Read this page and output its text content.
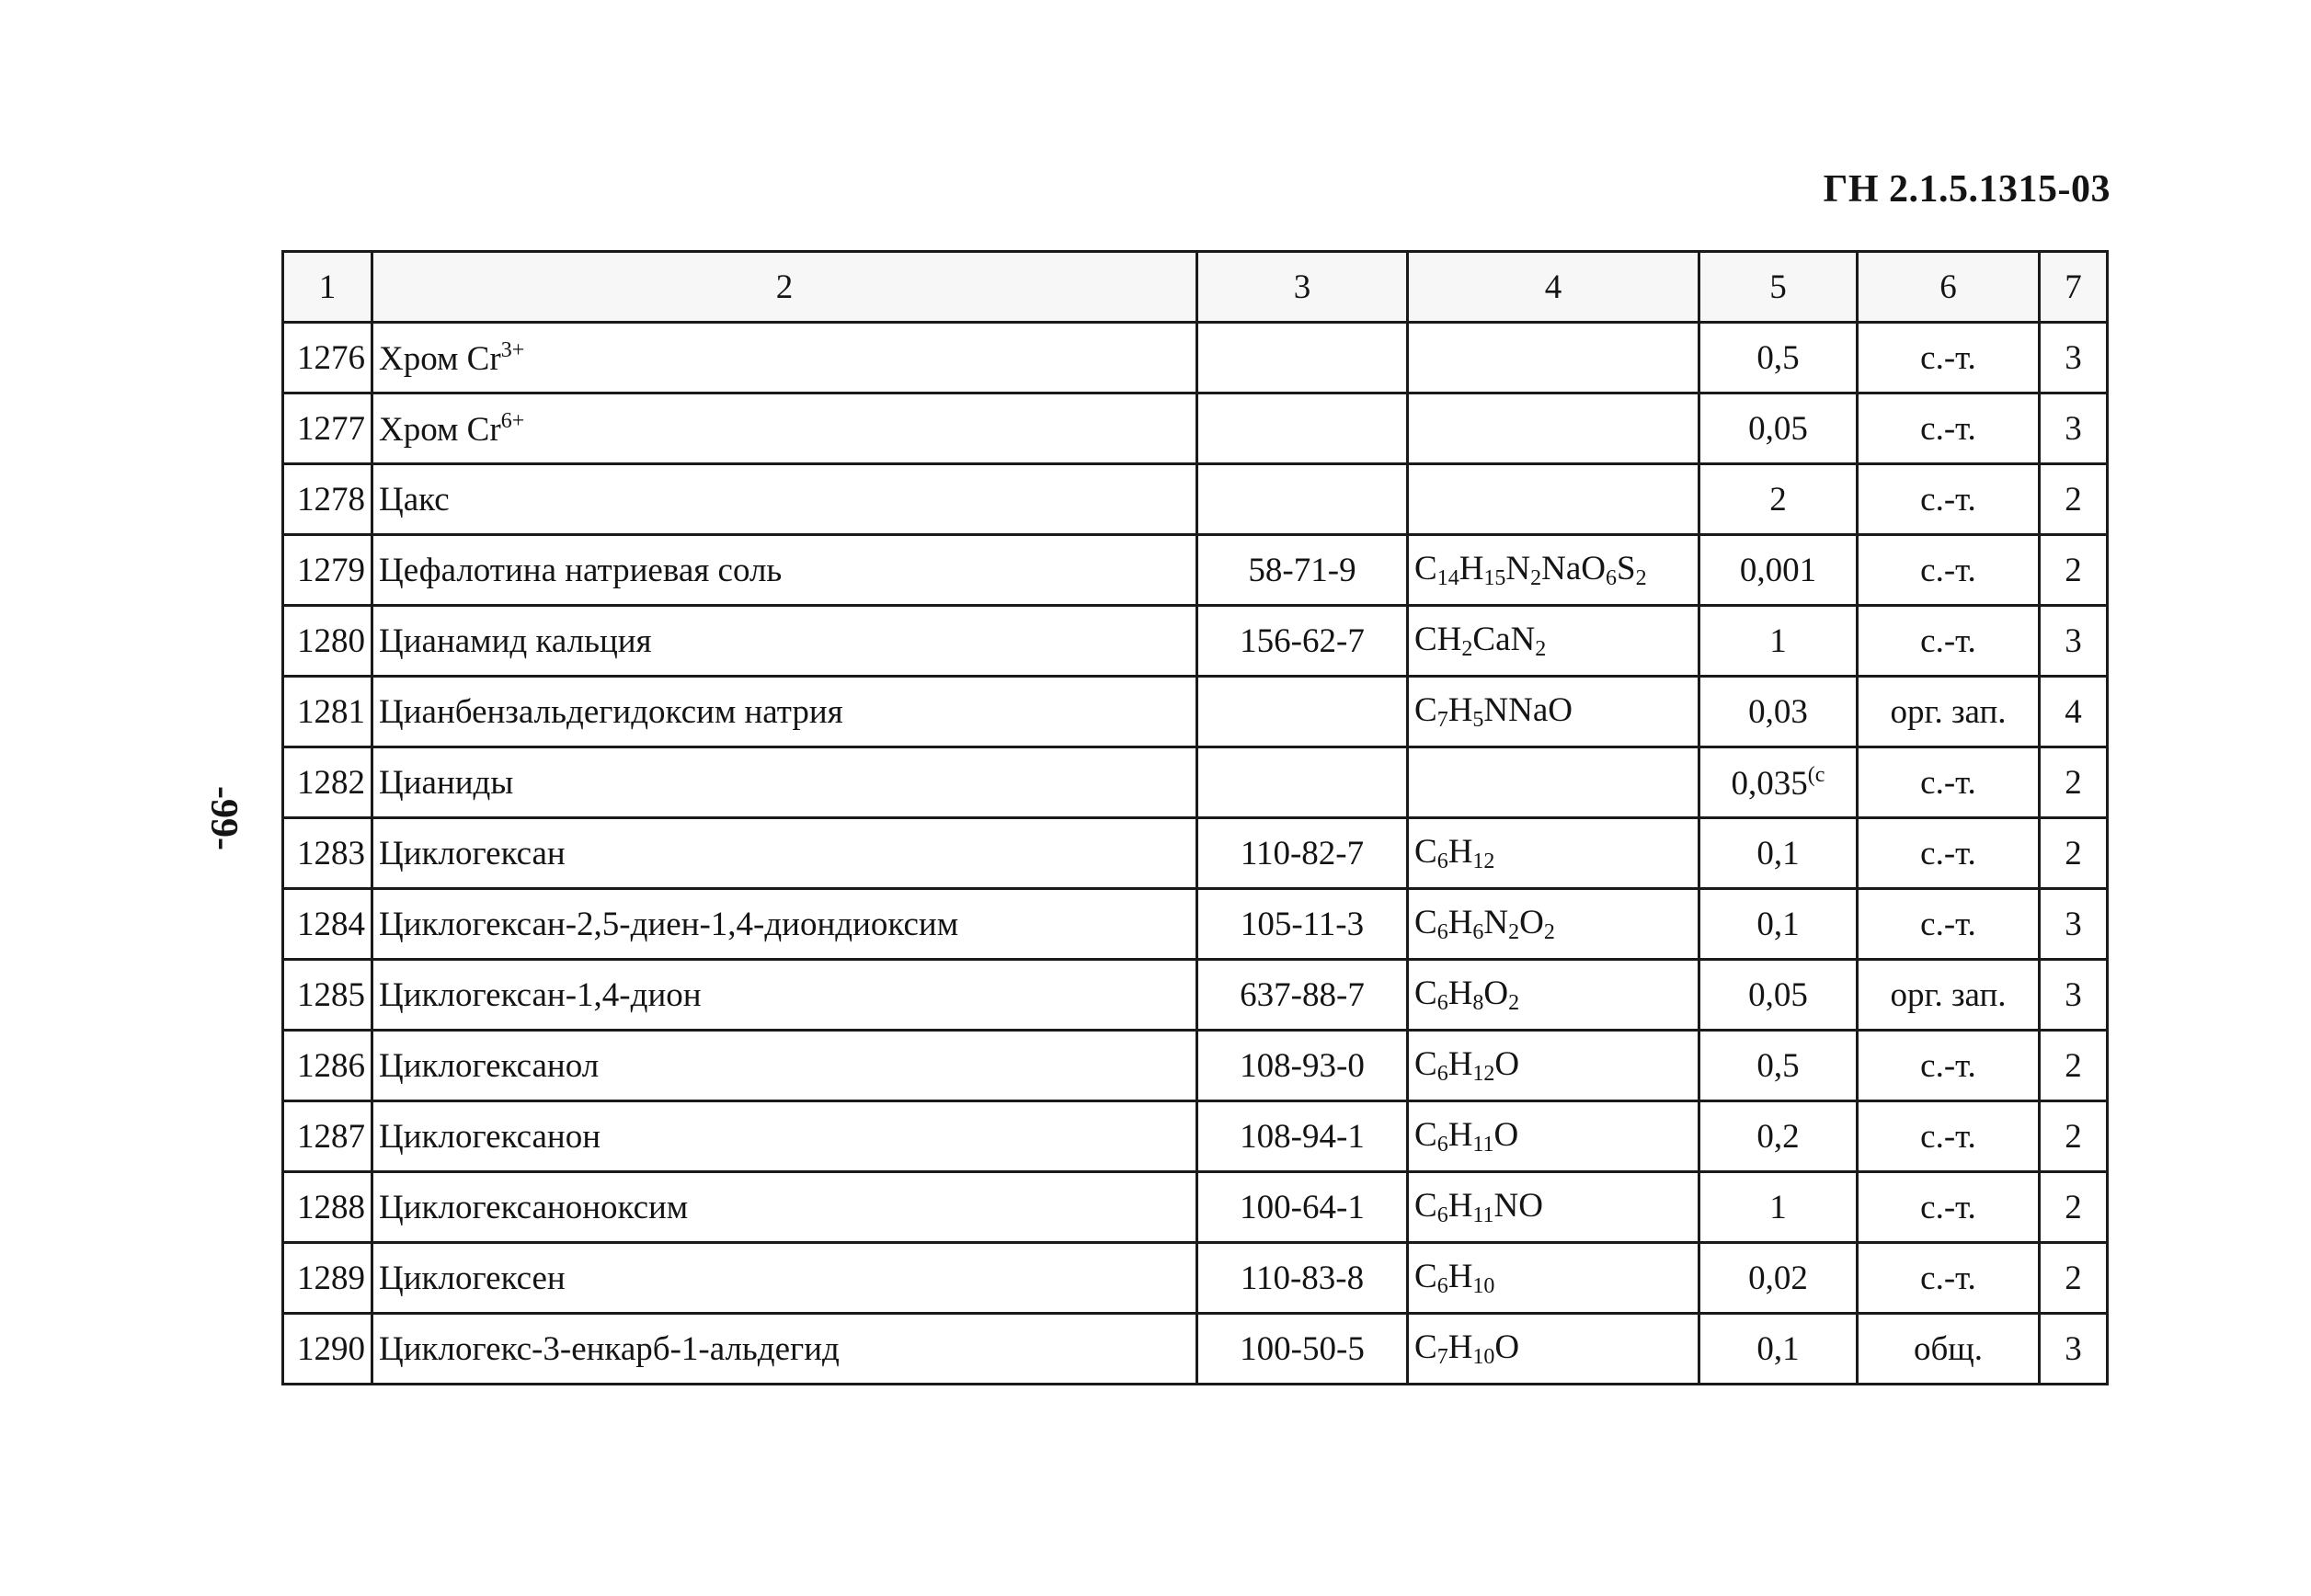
ГН 2.1.5.1315-03
-99-
1	2	3	4	5	6	7
1276	Хром $Cr^{3+}$			0,5	с.-т.	3
1277	Хром $Cr^{6+}$			0,05	с.-т.	3
1278	Цакс			2	с.-т.	2
1279	Цефалотина натриевая соль	58-71-9	$C_{14}H_{15}N_2NaO_6S_2$	0,001	с.-т.	2
1280	Цианамид кальция	156-62-7	$CH_2CaN_2$	1	с.-т.	3
1281	Цианбензальдегидоксим натрия		$C_7H_5NNaO$	0,03	орг. зап.	4
1282	Цианиды			0,035$^{(c}$	с.-т.	2
1283	Циклогексан	110-82-7	$C_6H_{12}$	0,1	с.-т.	2
1284	Циклогексан-2,5-диен-1,4-диондиоксим	105-11-3	$C_6H_6N_2O_2$	0,1	с.-т.	3
1285	Циклогексан-1,4-дион	637-88-7	$C_6H_8O_2$	0,05	орг. зап.	3
1286	Циклогексанол	108-93-0	$C_6H_{12}O$	0,5	с.-т.	2
1287	Циклогексанон	108-94-1	$C_6H_{11}O$	0,2	с.-т.	2
1288	Циклогексаноноксим	100-64-1	$C_6H_{11}NO$	1	с.-т.	2
1289	Циклогексен	110-83-8	$C_6H_{10}$	0,02	с.-т.	2
1290	Циклогекс-3-енкарб-1-альдегид	100-50-5	$C_7H_{10}O$	0,1	общ.	3
